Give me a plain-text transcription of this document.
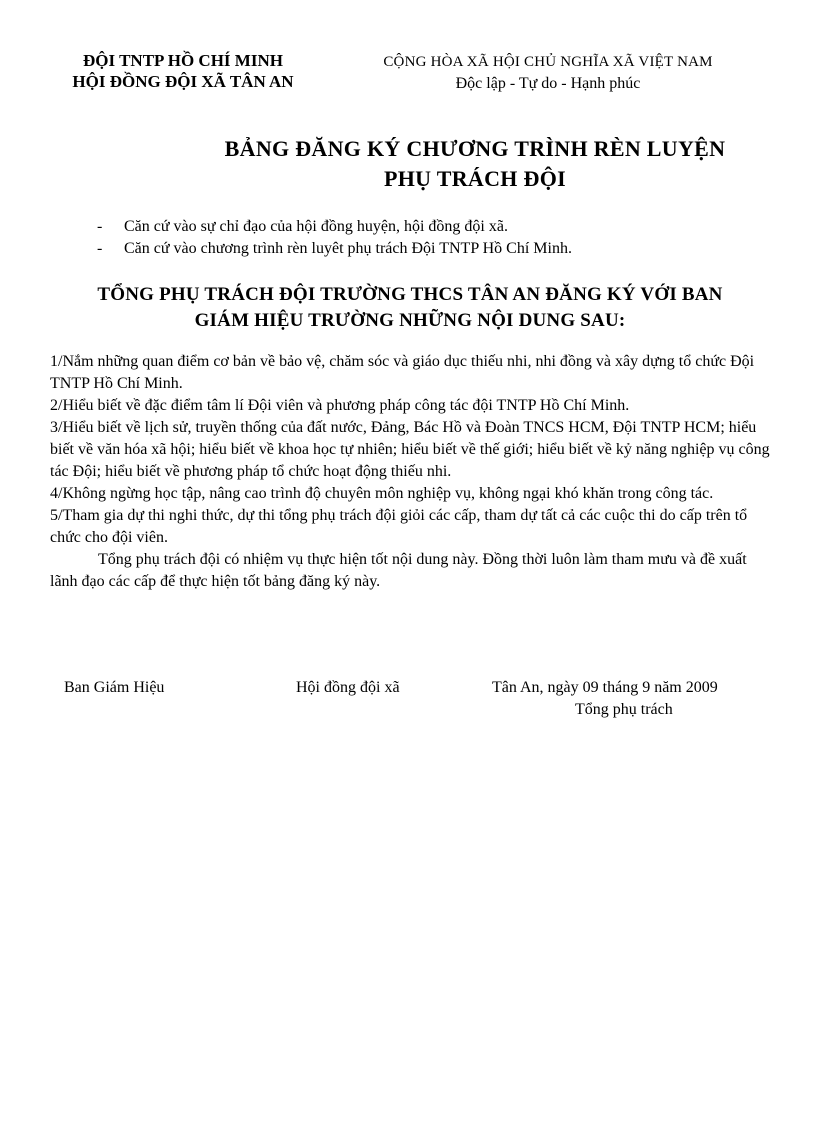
ĐỘI TNTP HỒ CHÍ MINH
HỘI ĐỒNG ĐỘI XÃ TÂN AN
CỘNG HÒA XÃ HỘI CHỦ NGHĨA XÃ VIỆT NAM
Độc lập - Tự do - Hạnh phúc
BẢNG ĐĂNG KÝ CHƯƠNG TRÌNH RÈN LUYỆN
PHỤ TRÁCH ĐỘI
- Căn cứ vào sự chỉ đạo của hội đồng huyện, hội đồng đội xã.
- Căn cứ vào chương trình rèn luyêt phụ trách Đội TNTP Hồ Chí Minh.
TỔNG PHỤ TRÁCH ĐỘI TRƯỜNG THCS TÂN AN ĐĂNG KÝ VỚI BAN
GIÁM HIỆU TRƯỜNG NHỮNG NỘI DUNG SAU:

1/Nắm những quan điểm cơ bản về bảo vệ, chăm sóc và giáo dục thiếu nhi, nhi đồng và xây dựng tổ chức Đội TNTP Hồ Chí Minh.

2/Hiểu biết về đặc điểm tâm lí Đội viên và phương pháp công tác đội TNTP Hồ Chí Minh.

3/Hiểu biết về lịch sử, truyền thống của đất nước, Đảng, Bác Hồ và Đoàn TNCS HCM, Đội TNTP HCM; hiểu biết về văn hóa xã hội; hiểu biết về khoa học tự nhiên; hiểu biết về thế giới; hiểu biết về kỷ năng nghiệp vụ công tác Đội; hiểu biết về phương pháp tổ chức hoạt động thiếu nhi.

4/Không ngừng học tập, nâng cao trình độ chuyên môn nghiệp vụ, không ngại khó khăn trong công tác.

5/Tham gia dự thi nghi thức, dự thi tổng phụ trách đội giỏi các cấp, tham dự tất cả các cuộc thi do cấp trên tổ chức cho đội viên.

Tổng phụ trách đội có nhiệm vụ thực hiện tốt nội dung này. Đồng thời luôn làm tham mưu và đề xuất lãnh đạo các cấp để thực hiện tốt bảng đăng ký này.

Ban Giám Hiệu	Hội đồng đội xã	Tân An, ngày 09 tháng 9 năm 2009
Tổng phụ trách
